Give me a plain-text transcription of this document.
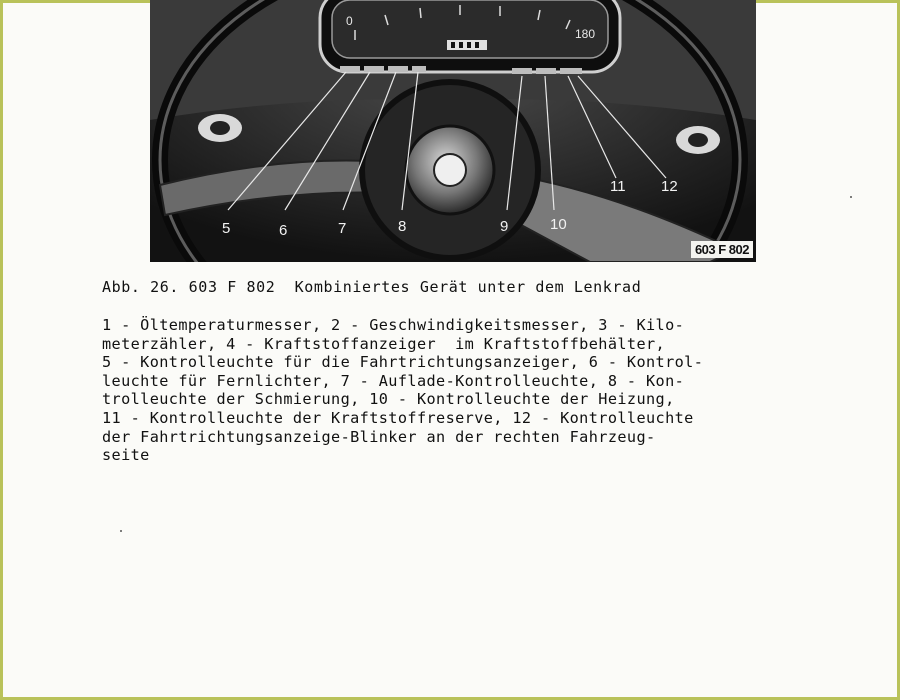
0
180
5	6	7	8	9	10
11 12
603 F 802
Abb. 26. 603 F 802  Kombiniertes Gerät unter dem Lenkrad
1 - Öltemperaturmesser, 2 - Geschwindigkeitsmesser, 3 - Kilo-
meterzähler, 4 - Kraftstoffanzeiger  im Kraftstoffbehälter,
5 - Kontrolleuchte für die Fahrtrichtungsanzeiger, 6 - Kontrol-
leuchte für Fernlichter, 7 - Auflade-Kontrolleuchte, 8 - Kon-
trolleuchte der Schmierung, 10 - Kontrolleuchte der Heizung,
11 - Kontrolleuchte der Kraftstoffreserve, 12 - Kontrolleuchte
der Fahrtrichtungsanzeige-Blinker an der rechten Fahrzeug-
seite
